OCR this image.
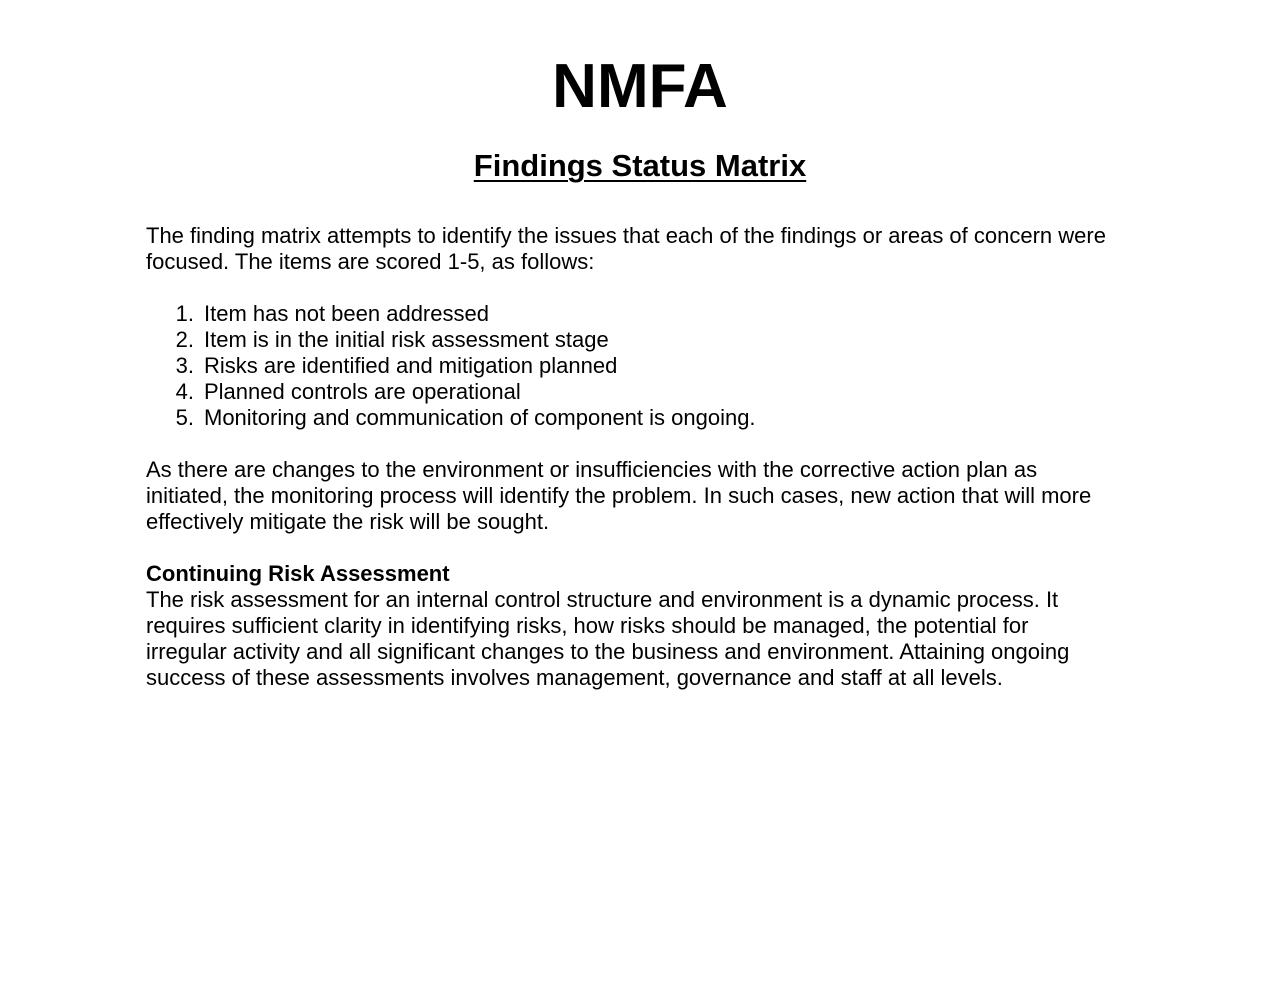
NMFA
Findings Status Matrix

The finding matrix attempts to identify the issues that each of the findings or areas of concern were
focused. The items are scored 1-5, as follows:

1. Item has not been addressed
2. Item is in the initial risk assessment stage
3. Risks are identified and mitigation planned
4. Planned controls are operational
5. Monitoring and communication of component is ongoing.

As there are changes to the environment or insufficiencies with the corrective action plan as
initiated, the monitoring process will identify the problem. In such cases, new action that will more
effectively mitigate the risk will be sought.

Continuing Risk Assessment

The risk assessment for an internal control structure and environment is a dynamic process. It
requires sufficient clarity in identifying risks, how risks should be managed, the potential for
irregular activity and all significant changes to the business and environment. Attaining ongoing
success of these assessments involves management, governance and staff at all levels.
